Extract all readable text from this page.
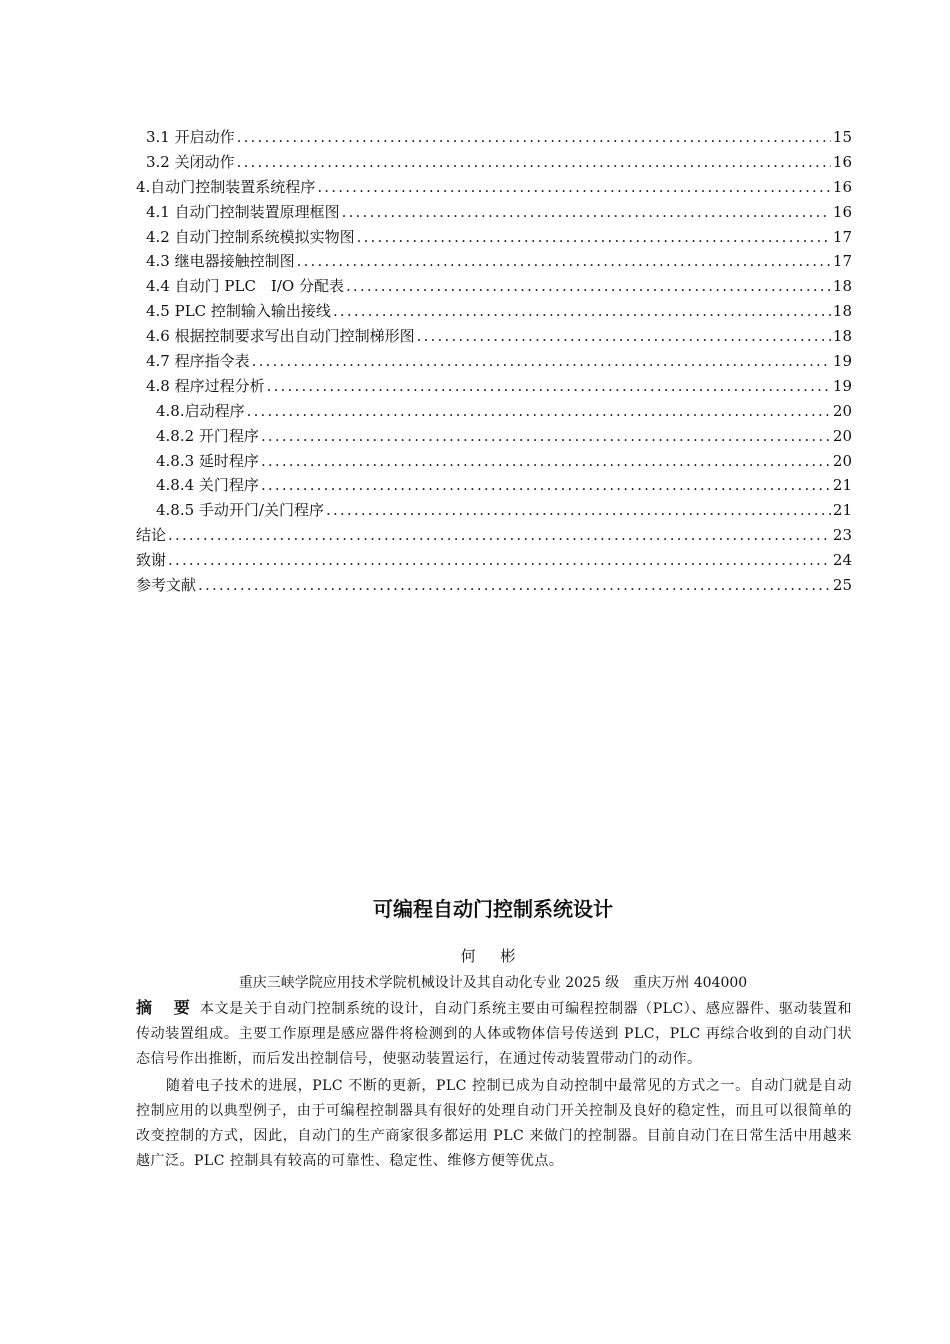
3.1 开启动作 .....	15
3.2 关闭动作 .....	16
4.自动门控制装置系统程序 .....	16
4.1 自动门控制装置原理框图 .....	16
4.2 自动门控制系统模拟实物图 .....	17
4.3 继电器接触控制图 .....	17
4.4 自动门 PLC　I/O 分配表 .....	18
4.5 PLC 控制输入输出接线 .....	18
4.6 根据控制要求写出自动门控制梯形图 .....	18
4.7 程序指令表 .....	19
4.8 程序过程分析 .....	19
4.8.启动程序 .....	20
4.8.2 开门程序 .....	20
4.8.3 延时程序 .....	20
4.8.4 关门程序 .....	21
4.8.5 手动开门/关门程序 .....	21
结论 .....	23
致谢 .....	24
参考文献 .....	25
可编程自动门控制系统设计
何 彬
重庆三峡学院应用技术学院机械设计及其自动化专业 2025 级　重庆万州 404000

摘 要 本文是关于自动门控制系统的设计，自动门系统主要由可编程控制器（PLC）、感应器件、驱动装置和传动装置组成。主要工作原理是感应器件将检测到的人体或物体信号传送到 PLC，PLC 再综合收到的自动门状态信号作出推断，而后发出控制信号，使驱动装置运行，在通过传动装置带动门的动作。

随着电子技术的进展，PLC 不断的更新，PLC 控制已成为自动控制中最常见的方式之一。自动门就是自动控制应用的以典型例子，由于可编程控制器具有很好的处理自动门开关控制及良好的稳定性，而且可以很简单的改变控制的方式，因此，自动门的生产商家很多都运用 PLC 来做门的控制器。目前自动门在日常生活中用越来越广泛。PLC 控制具有较高的可靠性、稳定性、维修方便等优点。
